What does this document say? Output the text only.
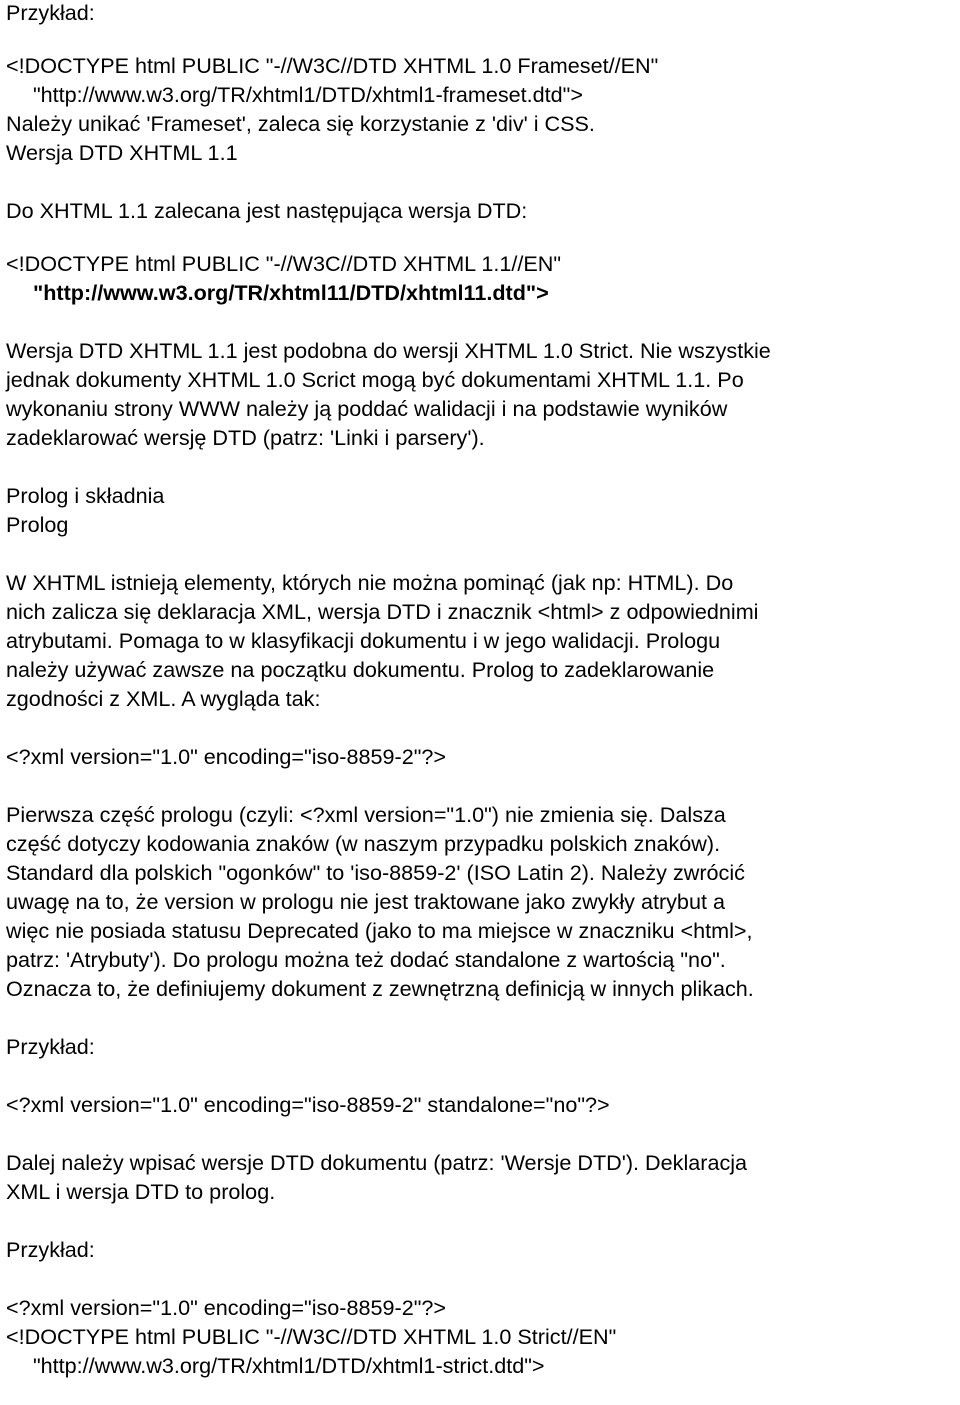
Przykład:
<!DOCTYPE html PUBLIC "-//W3C//DTD XHTML 1.0 Frameset//EN"
"http://www.w3.org/TR/xhtml1/DTD/xhtml1-frameset.dtd">
Należy unikać 'Frameset', zaleca się korzystanie z 'div' i CSS.
Wersja DTD XHTML 1.1
Do XHTML 1.1 zalecana jest następująca wersja DTD:
<!DOCTYPE html PUBLIC "-//W3C//DTD XHTML 1.1//EN"
"http://www.w3.org/TR/xhtml11/DTD/xhtml11.dtd">
Wersja DTD XHTML 1.1 jest podobna do wersji XHTML 1.0 Strict. Nie wszystkie
jednak dokumenty XHTML 1.0 Scrict mogą być dokumentami XHTML 1.1. Po
wykonaniu strony WWW należy ją poddać walidacji i na podstawie wyników
zadeklarować wersję DTD (patrz: 'Linki i parsery').
Prolog i składnia
Prolog
W XHTML istnieją elementy, których nie można pominąć (jak np: HTML). Do
nich zalicza się deklaracja XML, wersja DTD i znacznik <html> z odpowiednimi
atrybutami. Pomaga to w klasyfikacji dokumentu i w jego walidacji. Prologu
należy używać zawsze na początku dokumentu. Prolog to zadeklarowanie
zgodności z XML. A wygląda tak:
<?xml version="1.0" encoding="iso-8859-2"?>
Pierwsza część prologu (czyli: <?xml version="1.0") nie zmienia się. Dalsza
część dotyczy kodowania znaków (w naszym przypadku polskich znaków).
Standard dla polskich "ogonków" to 'iso-8859-2' (ISO Latin 2). Należy zwrócić
uwagę na to, że version w prologu nie jest traktowane jako zwykły atrybut a
więc nie posiada statusu Deprecated (jako to ma miejsce w znaczniku <html>,
patrz: 'Atrybuty'). Do prologu można też dodać standalone z wartością "no".
Oznacza to, że definiujemy dokument z zewnętrzną definicją w innych plikach.
Przykład:
<?xml version="1.0" encoding="iso-8859-2" standalone="no"?>
Dalej należy wpisać wersje DTD dokumentu (patrz: 'Wersje DTD'). Deklaracja
XML i wersja DTD to prolog.
Przykład:
<?xml version="1.0" encoding="iso-8859-2"?>
<!DOCTYPE html PUBLIC "-//W3C//DTD XHTML 1.0 Strict//EN"
"http://www.w3.org/TR/xhtml1/DTD/xhtml1-strict.dtd">
